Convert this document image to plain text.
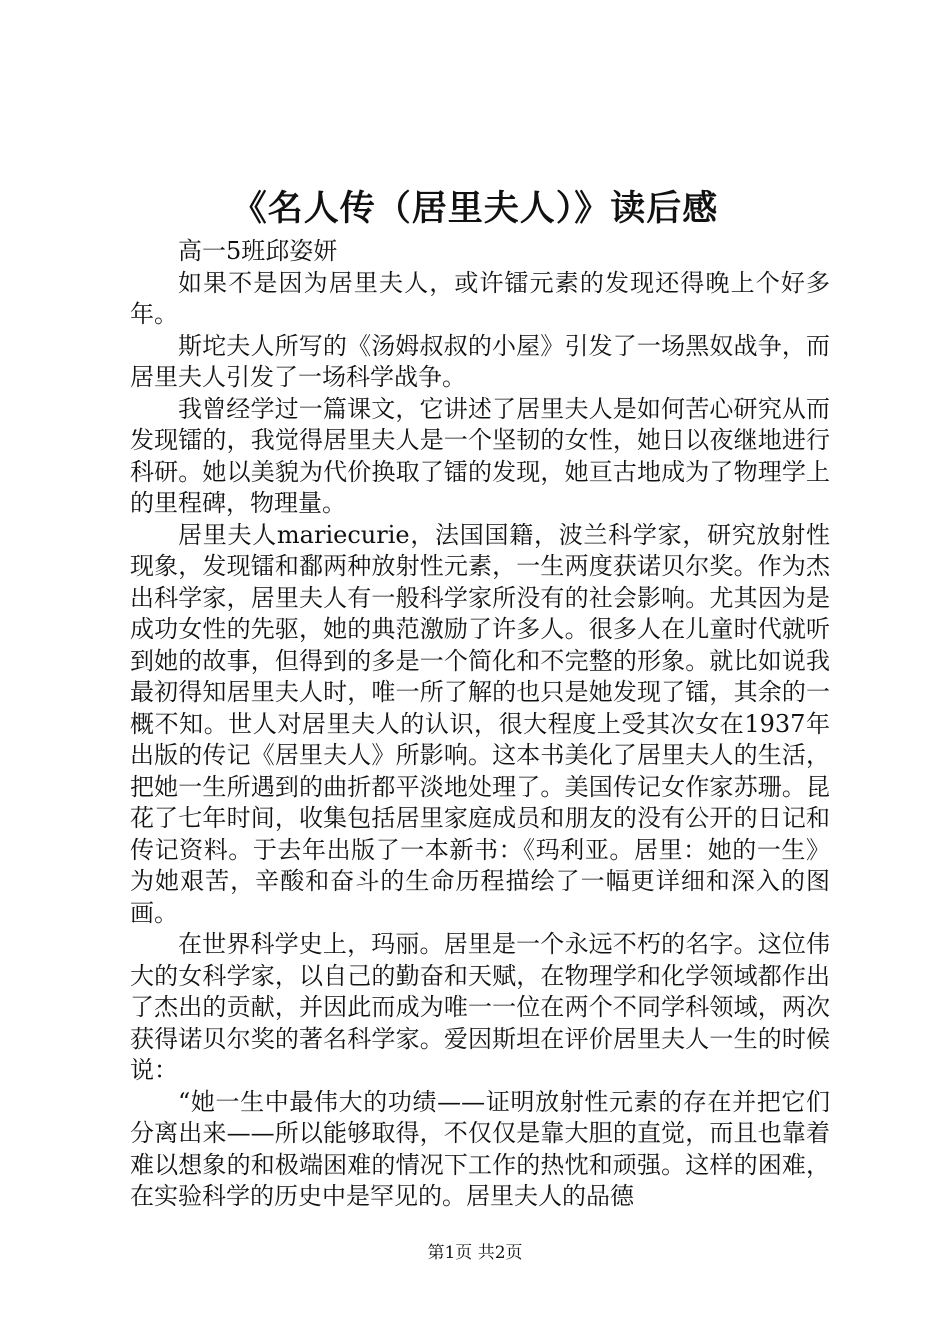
《名人传（居里夫人）》读后感

高一5班邱姿妍

如果不是因为居里夫人，或许镭元素的发现还得晚上个好多年。

斯坨夫人所写的《汤姆叔叔的小屋》引发了一场黑奴战争，而居里夫人引发了一场科学战争。

我曾经学过一篇课文，它讲述了居里夫人是如何苦心研究从而发现镭的，我觉得居里夫人是一个坚韧的女性，她日以夜继地进行科研。她以美貌为代价换取了镭的发现，她亘古地成为了物理学上的里程碑，物理量。

居里夫人mariecurie，法国国籍，波兰科学家，研究放射性现象，发现镭和鄱两种放射性元素，一生两度获诺贝尔奖。作为杰出科学家，居里夫人有一般科学家所没有的社会影响。尤其因为是成功女性的先驱，她的典范激励了许多人。很多人在儿童时代就听到她的故事，但得到的多是一个简化和不完整的形象。就比如说我最初得知居里夫人时，唯一所了解的也只是她发现了镭，其余的一概不知。世人对居里夫人的认识，很大程度上受其次女在1937年出版的传记《居里夫人》所影响。这本书美化了居里夫人的生活，把她一生所遇到的曲折都平淡地处理了。美国传记女作家苏珊。昆花了七年时间，收集包括居里家庭成员和朋友的没有公开的日记和传记资料。于去年出版了一本新书：《玛利亚。居里：她的一生》为她艰苦，辛酸和奋斗的生命历程描绘了一幅更详细和深入的图画。

在世界科学史上，玛丽。居里是一个永远不朽的名字。这位伟大的女科学家，以自己的勤奋和天赋，在物理学和化学领域都作出了杰出的贡献，并因此而成为唯一一位在两个不同学科领域，两次获得诺贝尔奖的著名科学家。爱因斯坦在评价居里夫人一生的时候说：

“她一生中最伟大的功绩——证明放射性元素的存在并把它们分离出来——所以能够取得，不仅仅是靠大胆的直觉，而且也靠着难以想象的和极端困难的情况下工作的热忱和顽强。这样的困难，在实验科学的历史中是罕见的。居里夫人的品德

第1页 共2页
